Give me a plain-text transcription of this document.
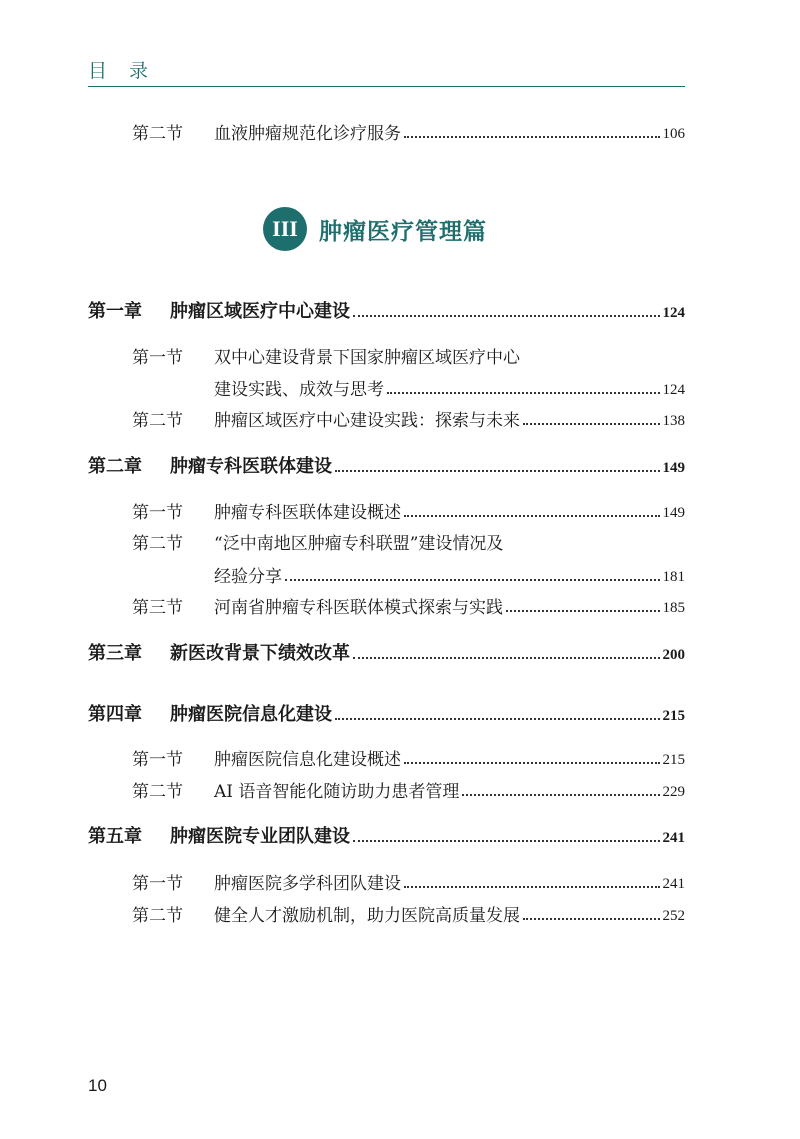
目录
第二节 血液肿瘤规范化诊疗服务	106
III 肿瘤医疗管理篇
第一章 肿瘤区域医疗中心建设	124
第一节 双中心建设背景下国家肿瘤区域医疗中心
建设实践、成效与思考	124
第二节 肿瘤区域医疗中心建设实践：探索与未来	138
第二章 肿瘤专科医联体建设	149
第一节 肿瘤专科医联体建设概述	149
第二节 “泛中南地区肿瘤专科联盟”建设情况及
经验分享	181
第三节 河南省肿瘤专科医联体模式探索与实践	185
第三章 新医改背景下绩效改革	200
第四章 肿瘤医院信息化建设	215
第一节 肿瘤医院信息化建设概述	215
第二节 AI 语音智能化随访助力患者管理	229
第五章 肿瘤医院专业团队建设	241
第一节 肿瘤医院多学科团队建设	241
第二节 健全人才激励机制，助力医院高质量发展	252
10
